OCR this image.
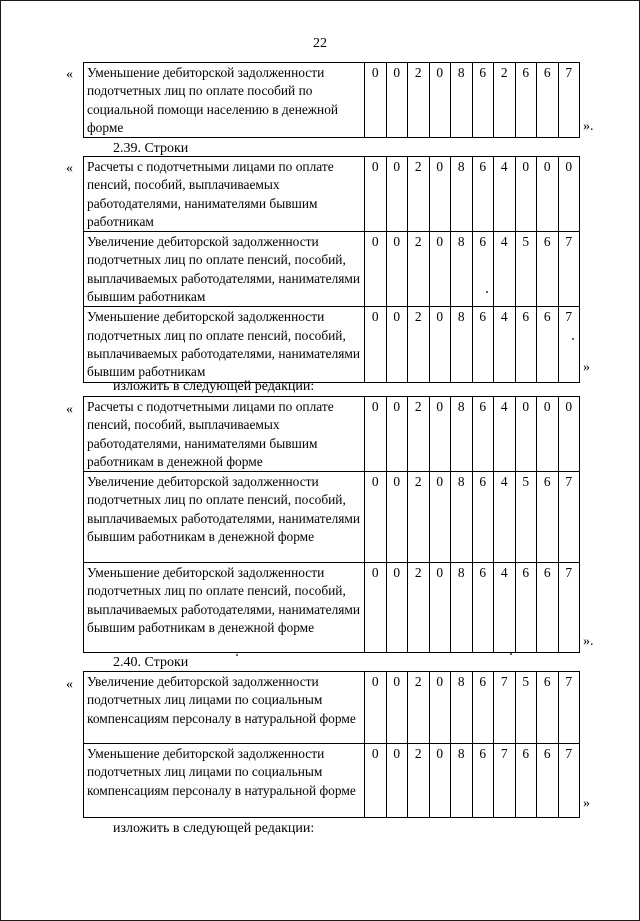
22
« Уменьшение дебиторской задолженности подотчетных лиц по оплате пособий по социальной помощи населению в денежной форме	0	0	2	0	8	6	2	6	6	7
».
2.39. Строки
« Расчеты с подотчетными лицами по оплате пенсий, пособий, выплачиваемых работодателями, нанимателями бывшим работникам	0	0	2	0	8	6	4	0	0	0
Увеличение дебиторской задолженности подотчетных лиц по оплате пенсий, пособий, выплачиваемых работодателями, нанимателями бывшим работникам	0	0	2	0	8	6	4	5	6	7
Уменьшение дебиторской задолженности подотчетных лиц по оплате пенсий, пособий, выплачиваемых работодателями, нанимателями бывшим работникам	0	0	2	0	8	6	4	6	6	7
»
изложить в следующей редакции:
« Расчеты с подотчетными лицами по оплате пенсий, пособий, выплачиваемых работодателями, нанимателями бывшим работникам в денежной форме	0	0	2	0	8	6	4	0	0	0
Увеличение дебиторской задолженности подотчетных лиц по оплате пенсий, пособий, выплачиваемых работодателями, нанимателями бывшим работникам в денежной форме	0	0	2	0	8	6	4	5	6	7
Уменьшение дебиторской задолженности подотчетных лиц по оплате пенсий, пособий, выплачиваемых работодателями, нанимателями бывшим работникам в денежной форме	0	0	2	0	8	6	4	6	6	7
».
2.40. Строки
« Увеличение дебиторской задолженности подотчетных лиц лицами по социальным компенсациям персоналу в натуральной форме	0	0	2	0	8	6	7	5	6	7
Уменьшение дебиторской задолженности подотчетных лиц лицами по социальным компенсациям персоналу в натуральной форме	0	0	2	0	8	6	7	6	6	7
»
изложить в следующей редакции:
